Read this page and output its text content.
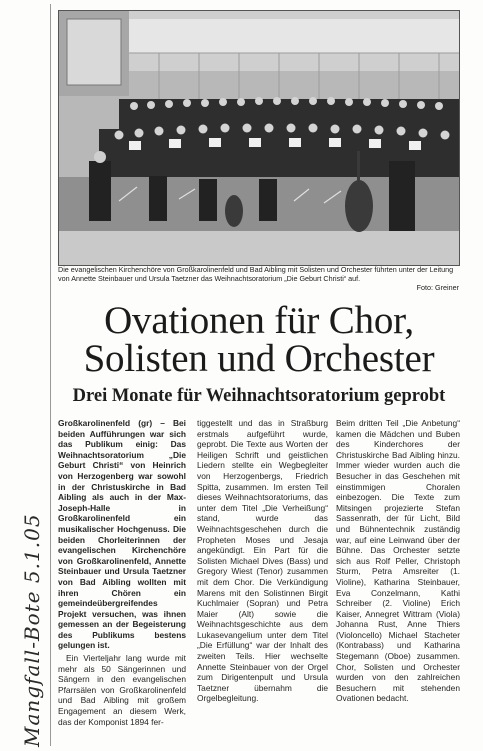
Die evangelischen Kirchenchöre von Großkarolinenfeld und Bad Aibling mit Solisten und Orchester führten unter der Leitung von Annette Steinbauer und Ursula Taetzner das Weihnachtsoratorium „Die Geburt Christi“ auf.
Foto: Greiner
Ovationen für Chor,
Solisten und Orchester
Drei Monate für Weihnachtsoratorium geprobt

Großkarolinenfeld (gr) – Bei beiden Aufführungen war sich das Publikum einig: Das Weihnachtsoratorium „Die Geburt Christi“ von Heinrich von Herzogenberg war sowohl in der Christuskirche in Bad Aibling als auch in der Max-Joseph-Halle in Großkarolinenfeld ein musikalischer Hochgenuss. Die beiden Chorleiterinnen der evangelischen Kirchenchöre von Großkarolinenfeld, Annette Steinbauer und Ursula Taetzner von Bad Aibling wollten mit ihren Chören ein gemeindeübergreifendes Projekt versuchen, was ihnen gemessen an der Begeisterung des Publikums bestens gelungen ist.

Ein Vierteljahr lang wurde mit mehr als 50 Sängerinnen und Sängern in den evangelischen Pfarrsälen von Großkarolinenfeld und Bad Aibling mit großem Engagement an diesem Werk, das der Komponist 1894 fer-

tiggestellt und das in Straßburg erstmals aufgeführt wurde, geprobt. Die Texte aus Worten der Heiligen Schrift und geistlichen Liedern stellte ein Wegbegleiter von Herzogenbergs, Friedrich Spitta, zusammen. Im ersten Teil dieses Weihnachtsoratoriums, das unter dem Titel „Die Verheißung“ stand, wurde das Weihnachtsgeschehen durch die Propheten Moses und Jesaja angekündigt. Ein Part für die Solisten Michael Dives (Bass) und Gregory Wiest (Tenor) zusammen mit dem Chor. Die Verkündigung Marens mit den Solistinnen Birgit Kuchlmaier (Sopran) und Petra Maier (Alt) sowie die Weihnachtsgeschichte aus dem Lukasevangelium unter dem Titel „Die Erfüllung“ war der Inhalt des zweiten Teils. Hier wechselte Annette Steinbauer von der Orgel zum Dirigentenpult und Ursula Taetzner übernahm die Orgelbegleitung.

Beim dritten Teil „Die Anbetung“ kamen die Mädchen und Buben des Kinderchores der Christuskirche Bad Aibling hinzu. Immer wieder wurden auch die Besucher in das Geschehen mit einstimmigen Choralen einbezogen. Die Texte zum Mitsingen projezierte Stefan Sassenrath, der für Licht, Bild und Bühnentechnik zuständig war, auf eine Leinwand über der Bühne. Das Orchester setzte sich aus Rolf Peller, Christoph Sturm, Petra Amsreiter (1. Violine), Katharina Steinbauer, Eva Conzelmann, Kathi Schreiber (2. Violine) Erich Kaiser, Annegret Wittram (Viola) Johanna Rust, Anne Thiers (Violoncello) Michael Stacheter (Kontrabass) und Katharina Stegemann (Oboe) zusammen. Chor, Solisten und Orchester wurden von den zahlreichen Besuchern mit stehenden Ovationen bedacht.

Mangfall-Bote 5.1.05
